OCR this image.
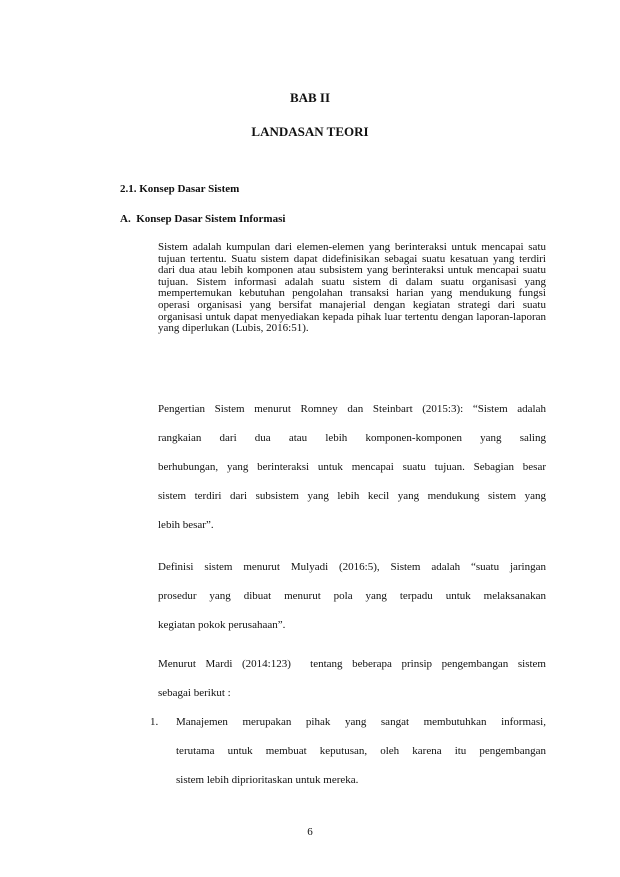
BAB II
LANDASAN TEORI
2.1. Konsep Dasar Sistem
A.  Konsep Dasar Sistem Informasi
Sistem adalah kumpulan dari elemen-elemen yang berinteraksi untuk mencapai satu tujuan tertentu. Suatu sistem dapat didefinisikan sebagai suatu kesatuan yang terdiri dari dua atau lebih komponen atau subsistem yang berinteraksi untuk mencapai suatu tujuan. Sistem informasi adalah suatu sistem di dalam suatu organisasi yang mempertemukan kebutuhan pengolahan transaksi harian yang mendukung fungsi operasi organisasi yang bersifat manajerial dengan kegiatan strategi dari suatu organisasi untuk dapat menyediakan kepada pihak luar tertentu dengan laporan-laporan yang diperlukan (Lubis, 2016:51).
Pengertian Sistem menurut Romney dan Steinbart (2015:3): “Sistem adalah
rangkaian dari dua atau lebih komponen-komponen yang saling
berhubungan, yang berinteraksi untuk mencapai suatu tujuan. Sebagian besar
sistem terdiri dari subsistem yang lebih kecil yang mendukung sistem yang
lebih besar”.
Definisi sistem menurut Mulyadi (2016:5), Sistem adalah “suatu jaringan
prosedur yang dibuat menurut pola yang terpadu untuk melaksanakan
kegiatan pokok perusahaan”.
Menurut Mardi (2014:123)  tentang beberapa prinsip pengembangan sistem
sebagai berikut :
1. Manajemen merupakan pihak yang sangat membutuhkan informasi,
terutama untuk membuat keputusan, oleh karena itu pengembangan
sistem lebih diprioritaskan untuk mereka.
6
